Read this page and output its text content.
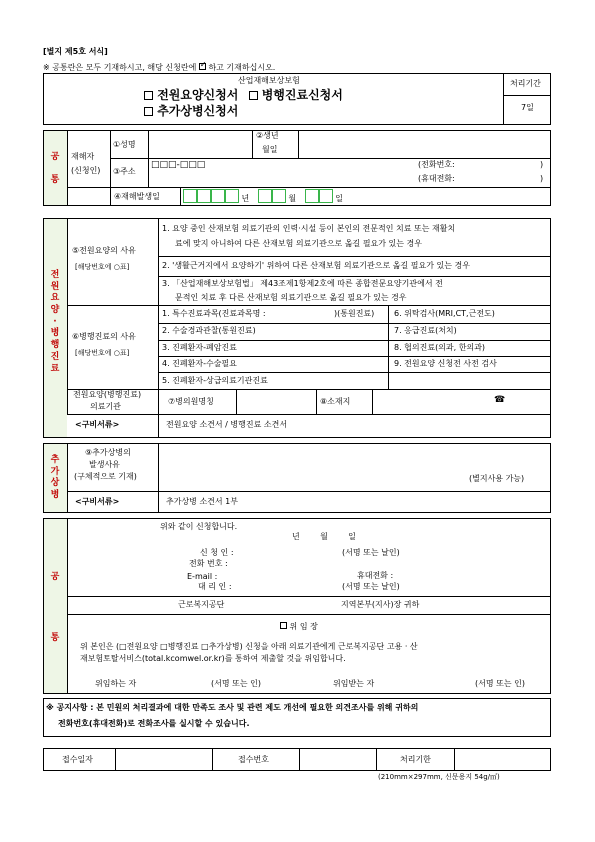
[별지 제5호 서식]
※ 공통란은 모두 기재하시고, 해당 신청란에 ✓ 하고 기재하십시오.
산업재해보상보험
전원요양신청서 병행진료신청서
추가상병신청서
처리기간
7일
공

통
재해자
(신청인)
①성명
②생년
월일
③주소
□□□-□□□	(전화번호:	)
(휴대전화:	)
④재해발생일	년	월	일
전
원
요
양
·
병
행
진
료
⑤전원요양의 사유
[해당번호에 ○표]
1. 요양 중인 산재보험 의료기관의 인력·시설 등이 본인의 전문적인 치료 또는 재활치
료에 맞지 아니하여 다른 산재보험 의료기관으로 옮길 필요가 있는 경우
2. '생활근거지에서 요양하기' 위하여 다른 산재보험 의료기관으로 옮길 필요가 있는 경우
3. 「산업재해보상보험법」 제43조제1항제2호에 따른 종합전문요양기관에서 전
문적인 치료 후 다른 산재보험 의료기관으로 옮길 필요가 있는 경우
⑥병행진료의 사유
[해당번호에 ○표]
1. 특수진료과목(진료과목명 :	)(통원진료)
2. 수술경과관찰(통원진료)
3. 진폐환자-폐암진료
4. 진폐환자-수술필요
5. 진폐환자-상급의료기관진료
6. 위탁검사(MRI,CT,근전도)
7. 응급진료(처치)
8. 협의진료(의과, 한의과)
9. 전원요양 신청전 사전 검사
전원요양(병행진료)
의료기관
⑦병의원명칭	⑧소재지	☎
<구비서류>	전원요양 소견서 / 병행진료 소견서
추
가
상
병
⑨추가상병의
발생사유
(구체적으로 기재)	(별지사용 가능)
<구비서류>	추가상병 소견서 1부
공
통
위와 같이 신청합니다.
년        월        일
신 청 인 :	(서명 또는 날인)
전화 번호 :
E-mail :	휴대전화 :
대 리 인 :	(서명 또는 날인)
근로복지공단	지역본부(지사)장 귀하
위 임 장
위 본인은 (□전원요양 □병행진료 □추가상병) 신청을 아래 의료기관에게 근로복지공단 고용 · 산
재보험토탈서비스(total.kcomwel.or.kr)를 통하여 제출할 것을 위임합니다.
위임하는 자	(서명 또는 인)	위임받는 자	(서명 또는 인)
※ 공지사항 : 본 민원의 처리결과에 대한 만족도 조사 및 관련 제도 개선에 필요한 의견조사를 위해 귀하의
전화번호(휴대전화)로 전화조사를 실시할 수 있습니다.
접수일자	접수번호	처리기한
(210mm×297mm, 신문용지 54g/㎡)
